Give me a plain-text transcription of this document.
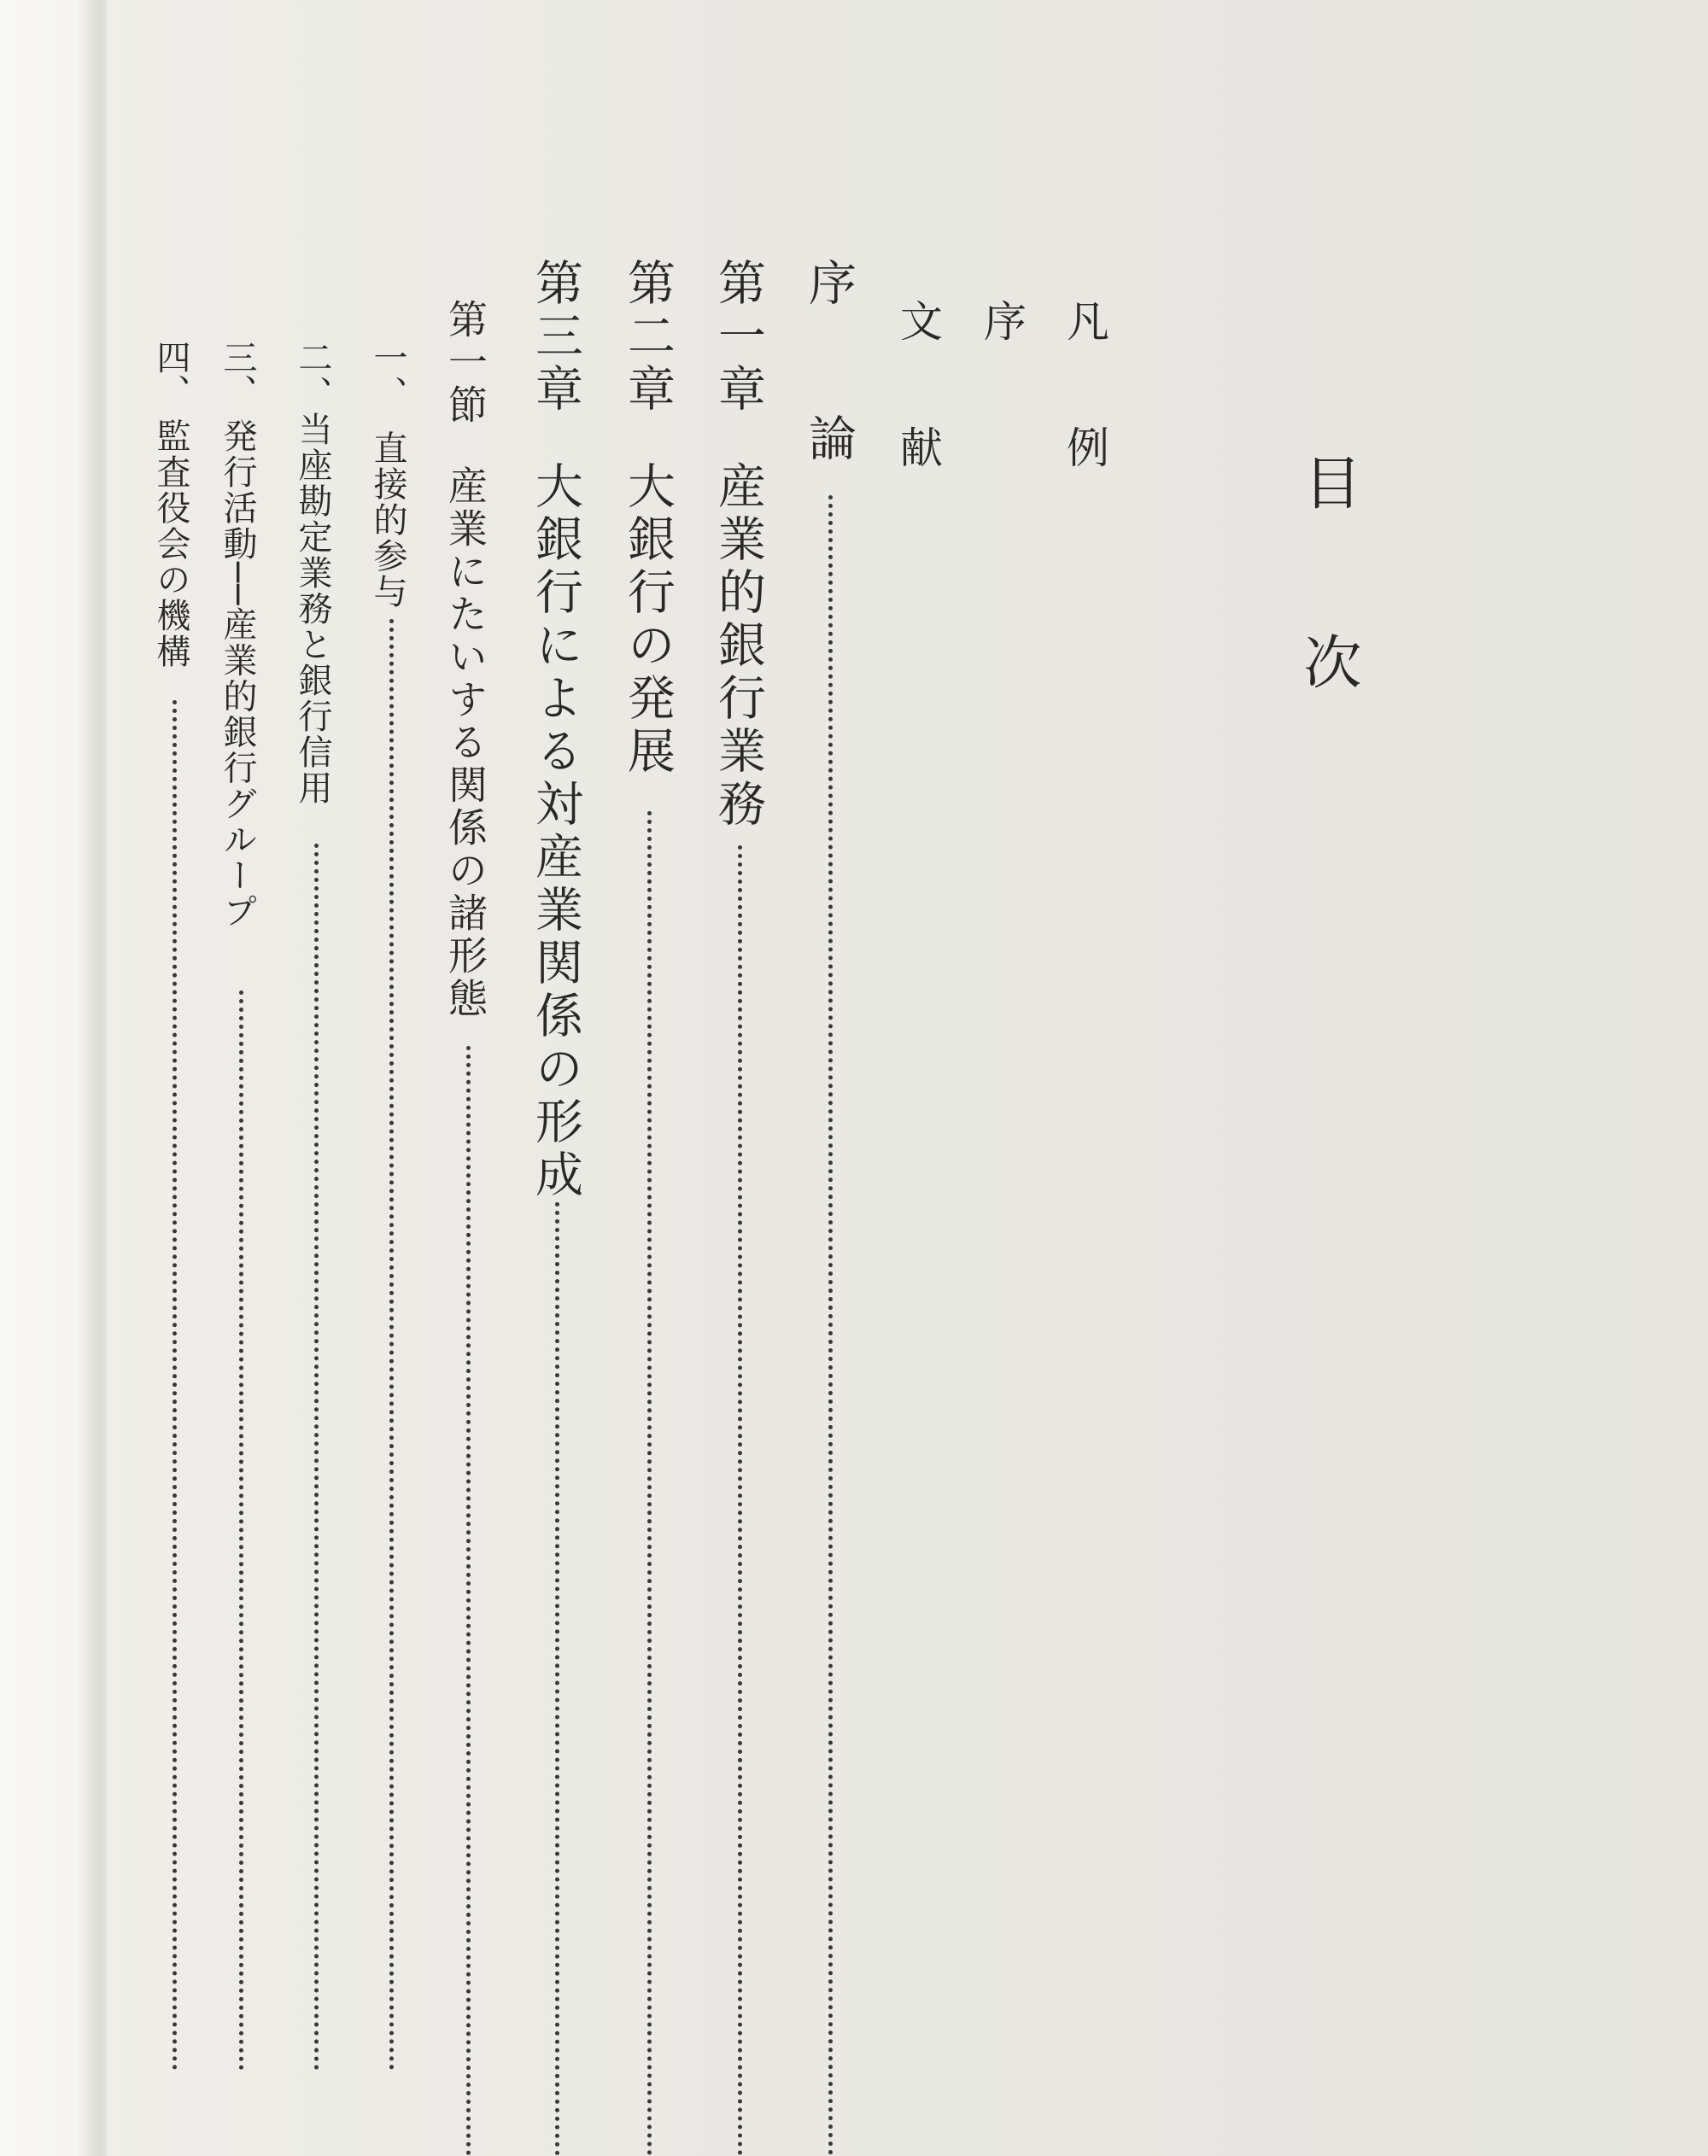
目
次
凡
例
序
文
献
序
論
第一章
産業的銀行業務
第二章
大銀行の発展
第三章
大銀行による対産業関係の形成
第一節
産業にたいする関係の諸形態
一、　直接的参与
二、当座勘定業務と銀行信用
三、
発行活動──産業的銀行グループ
四、
監査役会の機構
